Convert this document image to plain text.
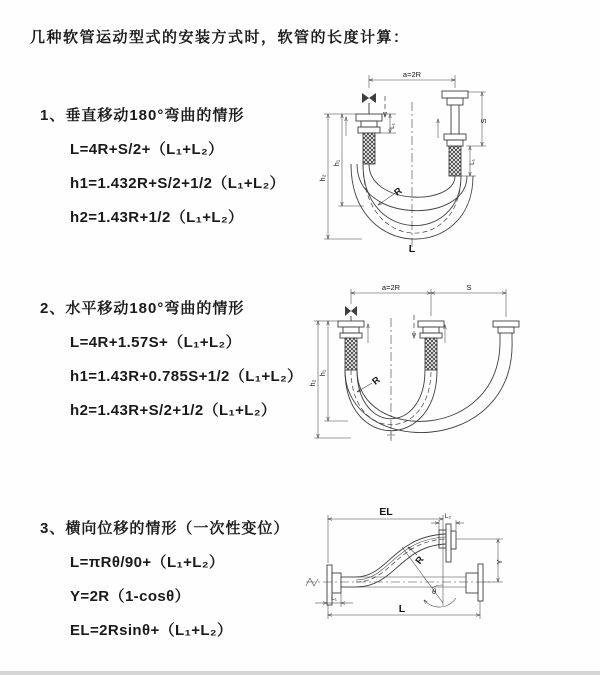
几种软管运动型式的安装方式时，软管的长度计算：
1、垂直移动180°弯曲的情形
L=4R+S/2+（L₁+L₂）
h1=1.432R+S/2+1/2（L₁+L₂）
h2=1.43R+1/2（L₁+L₂）
2、水平移动180°弯曲的情形
L=4R+1.57S+（L₁+L₂）
h1=1.43R+0.785S+1/2（L₁+L₂）
h2=1.43R+S/2+1/2（L₁+L₂）
3、横向位移的情形（一次性变位）
L=πRθ/90+（L₁+L₂）
Y=2R（1-cosθ）
EL=2Rsinθ+（L₁+L₂）
a=2R
L₁
h₁
h₂
S
L₁
R
L
a=2R	S
h₁
h₂	R
EL	L₂
Y
θ
R
L
L₁
